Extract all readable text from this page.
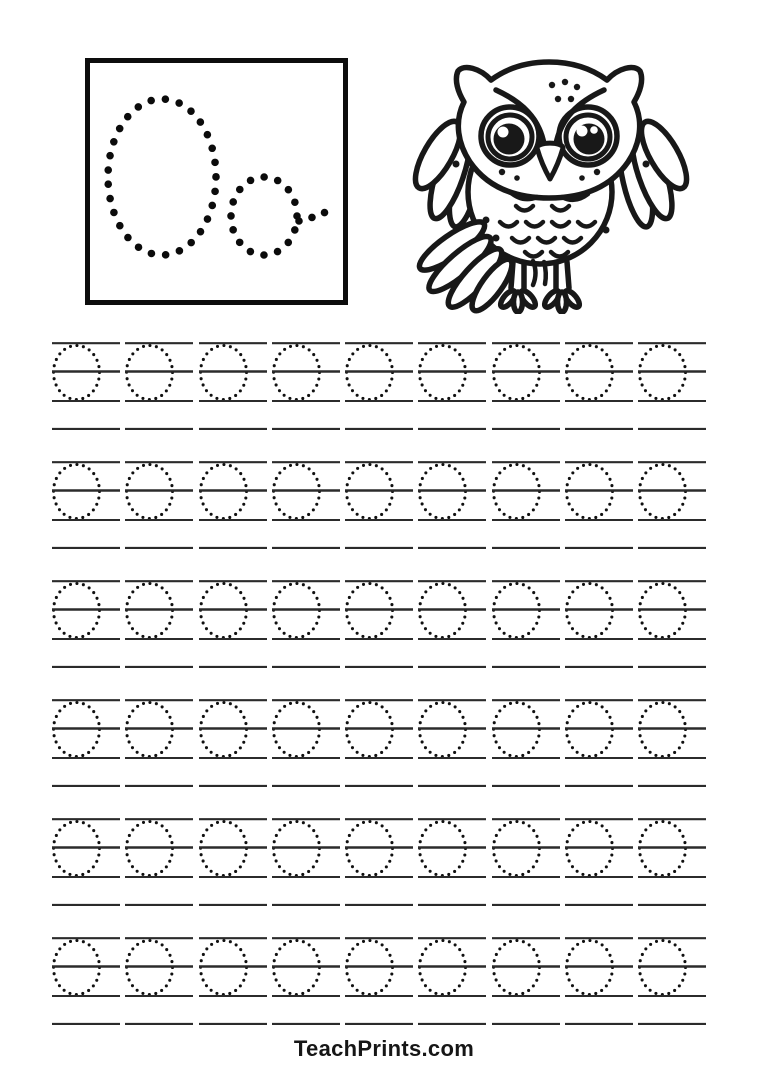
TeachPrints.com
